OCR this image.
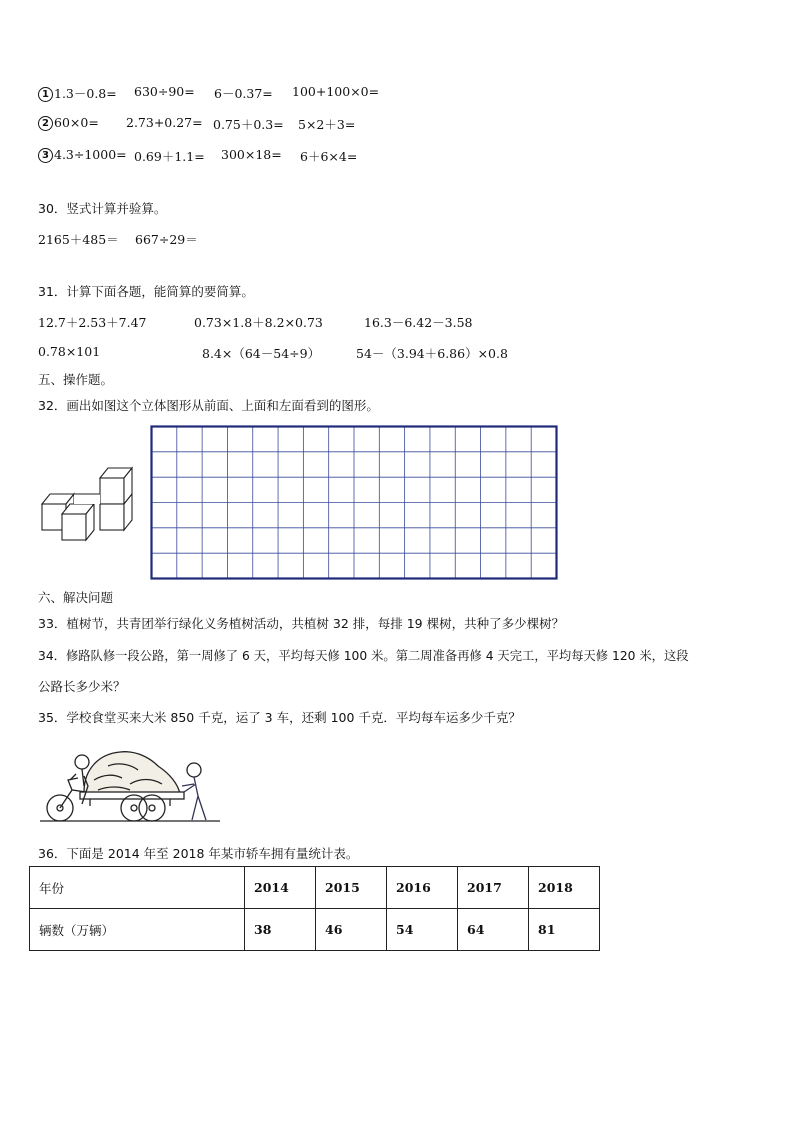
1 1.3－0.8= 630÷90= 6－0.37= 100+100×0=
2 60×0= 2.73+0.27= 0.75＋0.3= 5×2＋3=
3 4.3÷1000= 0.69＋1.1= 300×18= 6＋6×4=
30．竖式计算并验算。
2165＋485＝ 667÷29＝
31．计算下面各题，能简算的要简算。
12.7＋2.53＋7.47	0.73×1.8＋8.2×0.73	16.3－6.42－3.58
0.78×101	8.4×（64－54÷9）	54－（3.94＋6.86）×0.8
五、操作题。
32．画出如图这个立体图形从前面、上面和左面看到的图形。
六、解决问题
33．植树节，共青团举行绿化义务植树活动，共植树 32 排，每排 19 棵树，共种了多少棵树？
34．修路队修一段公路，第一周修了 6 天，平均每天修 100 米。第二周准备再修 4 天完工，平均每天修 120 米，这段
公路长多少米？
35．学校食堂买来大米 850 千克，运了 3 车，还剩 100 千克．平均每车运多少千克？
36．下面是 2014 年至 2018 年某市轿车拥有量统计表。
年份	2014	2015	2016	2017	2018
辆数（万辆）	38	46	54	64	81
